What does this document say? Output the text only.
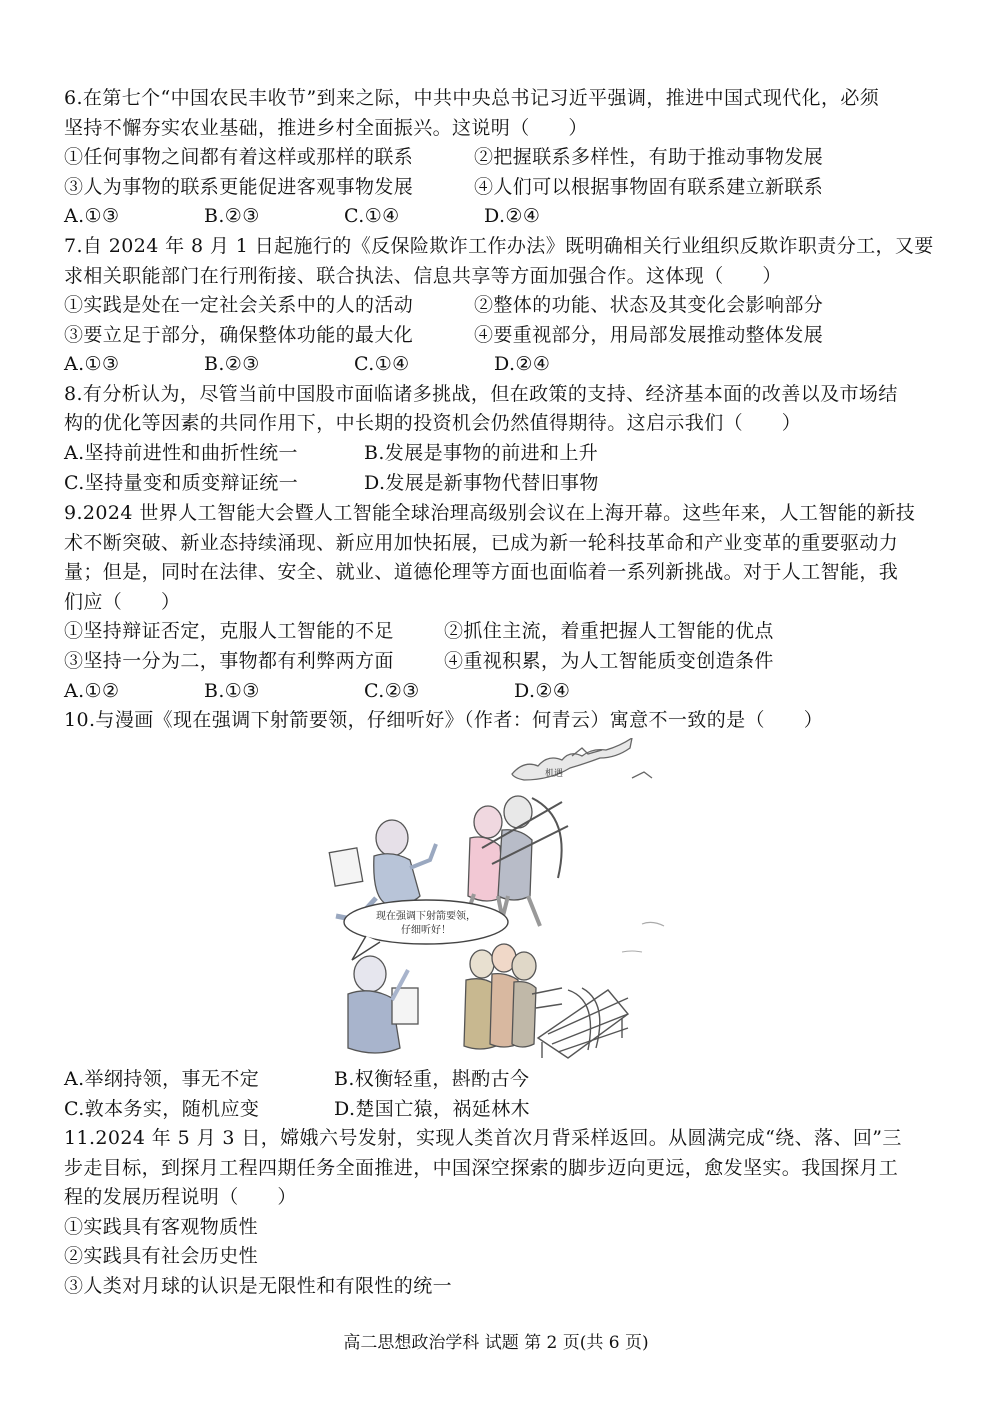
6.在第七个“中国农民丰收节”到来之际，中共中央总书记习近平强调，推进中国式现代化，必须
坚持不懈夯实农业基础，推进乡村全面振兴。这说明（　　）
①任何事物之间都有着这样或那样的联系	②把握联系多样性，有助于推动事物发展
③人为事物的联系更能促进客观事物发展	④人们可以根据事物固有联系建立新联系
A.①③	B.②③	C.①④	D.②④
7.自 2024 年 8 月 1 日起施行的《反保险欺诈工作办法》既明确相关行业组织反欺诈职责分工，又要
求相关职能部门在行刑衔接、联合执法、信息共享等方面加强合作。这体现（　　）
①实践是处在一定社会关系中的人的活动	②整体的功能、状态及其变化会影响部分
③要立足于部分，确保整体功能的最大化	④要重视部分，用局部发展推动整体发展
A.①③	B.②③	C.①④	D.②④
8.有分析认为，尽管当前中国股市面临诸多挑战，但在政策的支持、经济基本面的改善以及市场结
构的优化等因素的共同作用下，中长期的投资机会仍然值得期待。这启示我们（　　）
A.坚持前进性和曲折性统一	B.发展是事物的前进和上升
C.坚持量变和质变辩证统一	D.发展是新事物代替旧事物
9.2024 世界人工智能大会暨人工智能全球治理高级别会议在上海开幕。这些年来，人工智能的新技
术不断突破、新业态持续涌现、新应用加快拓展，已成为新一轮科技革命和产业变革的重要驱动力
量；但是，同时在法律、安全、就业、道德伦理等方面也面临着一系列新挑战。对于人工智能，我
们应（　　）
①坚持辩证否定，克服人工智能的不足	②抓住主流，着重把握人工智能的优点
③坚持一分为二，事物都有利弊两方面	④重视积累，为人工智能质变创造条件
A.①②	B.①③	C.②③	D.②④
10.与漫画《现在强调下射箭要领，仔细听好》（作者：何青云）寓意不一致的是（　　）
机遇
现在强调下射箭要领，
仔细听好！
A.举纲持领，事无不定	B.权衡轻重，斟酌古今
C.敦本务实，随机应变	D.楚国亡猿，祸延林木
11.2024 年 5 月 3 日，嫦娥六号发射，实现人类首次月背采样返回。从圆满完成“绕、落、回”三
步走目标，到探月工程四期任务全面推进，中国深空探索的脚步迈向更远，愈发坚实。我国探月工
程的发展历程说明（　　）
①实践具有客观物质性
②实践具有社会历史性
③人类对月球的认识是无限性和有限性的统一
高二思想政治学科 试题 第 2 页(共 6 页)
